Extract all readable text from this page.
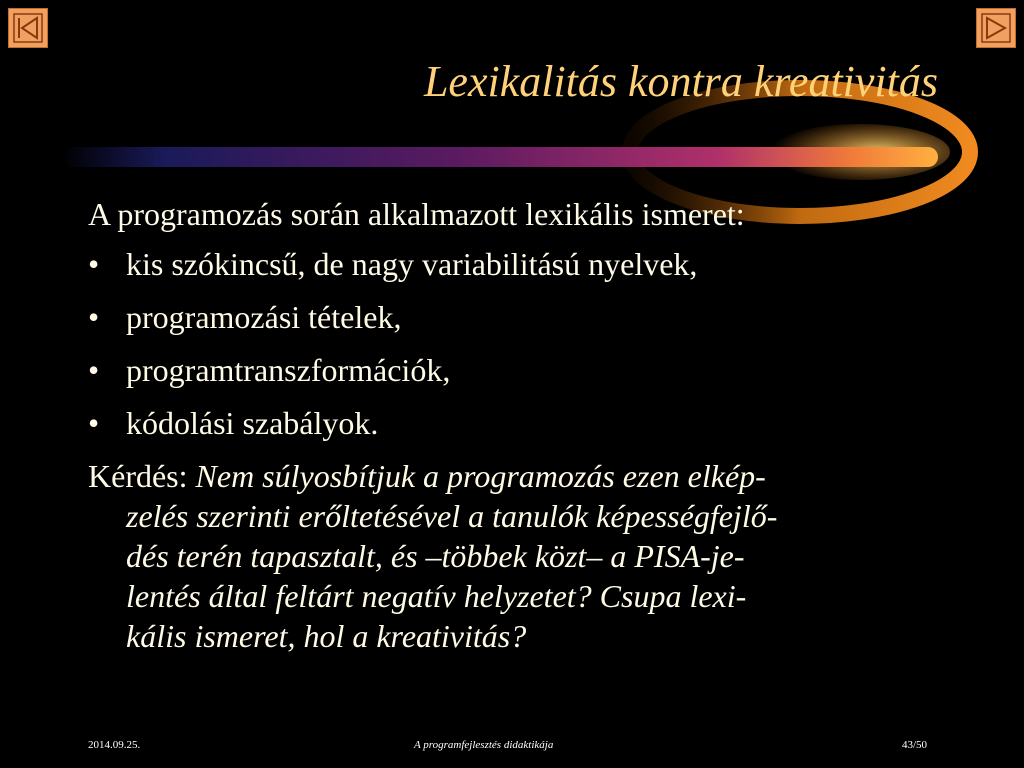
Lexikalitás kontra kreativitás

A programozás során alkalmazott lexikális ismeret:

• kis szókincsű, de nagy variabilitású nyelvek,
• programozási tételek,
• programtranszformációk,
• kódolási szabályok.

Kérdés: Nem súlyosbítjuk a programozás ezen elkép-
zelés szerinti erőltetésével a tanulók képességfejlő-
dés terén tapasztalt, és –többek közt– a PISA-je-
lentés által feltárt negatív helyzetet? Csupa lexi-
kális ismeret, hol a kreativitás?

2014.09.25.	A programfejlesztés didaktikája	43/50
